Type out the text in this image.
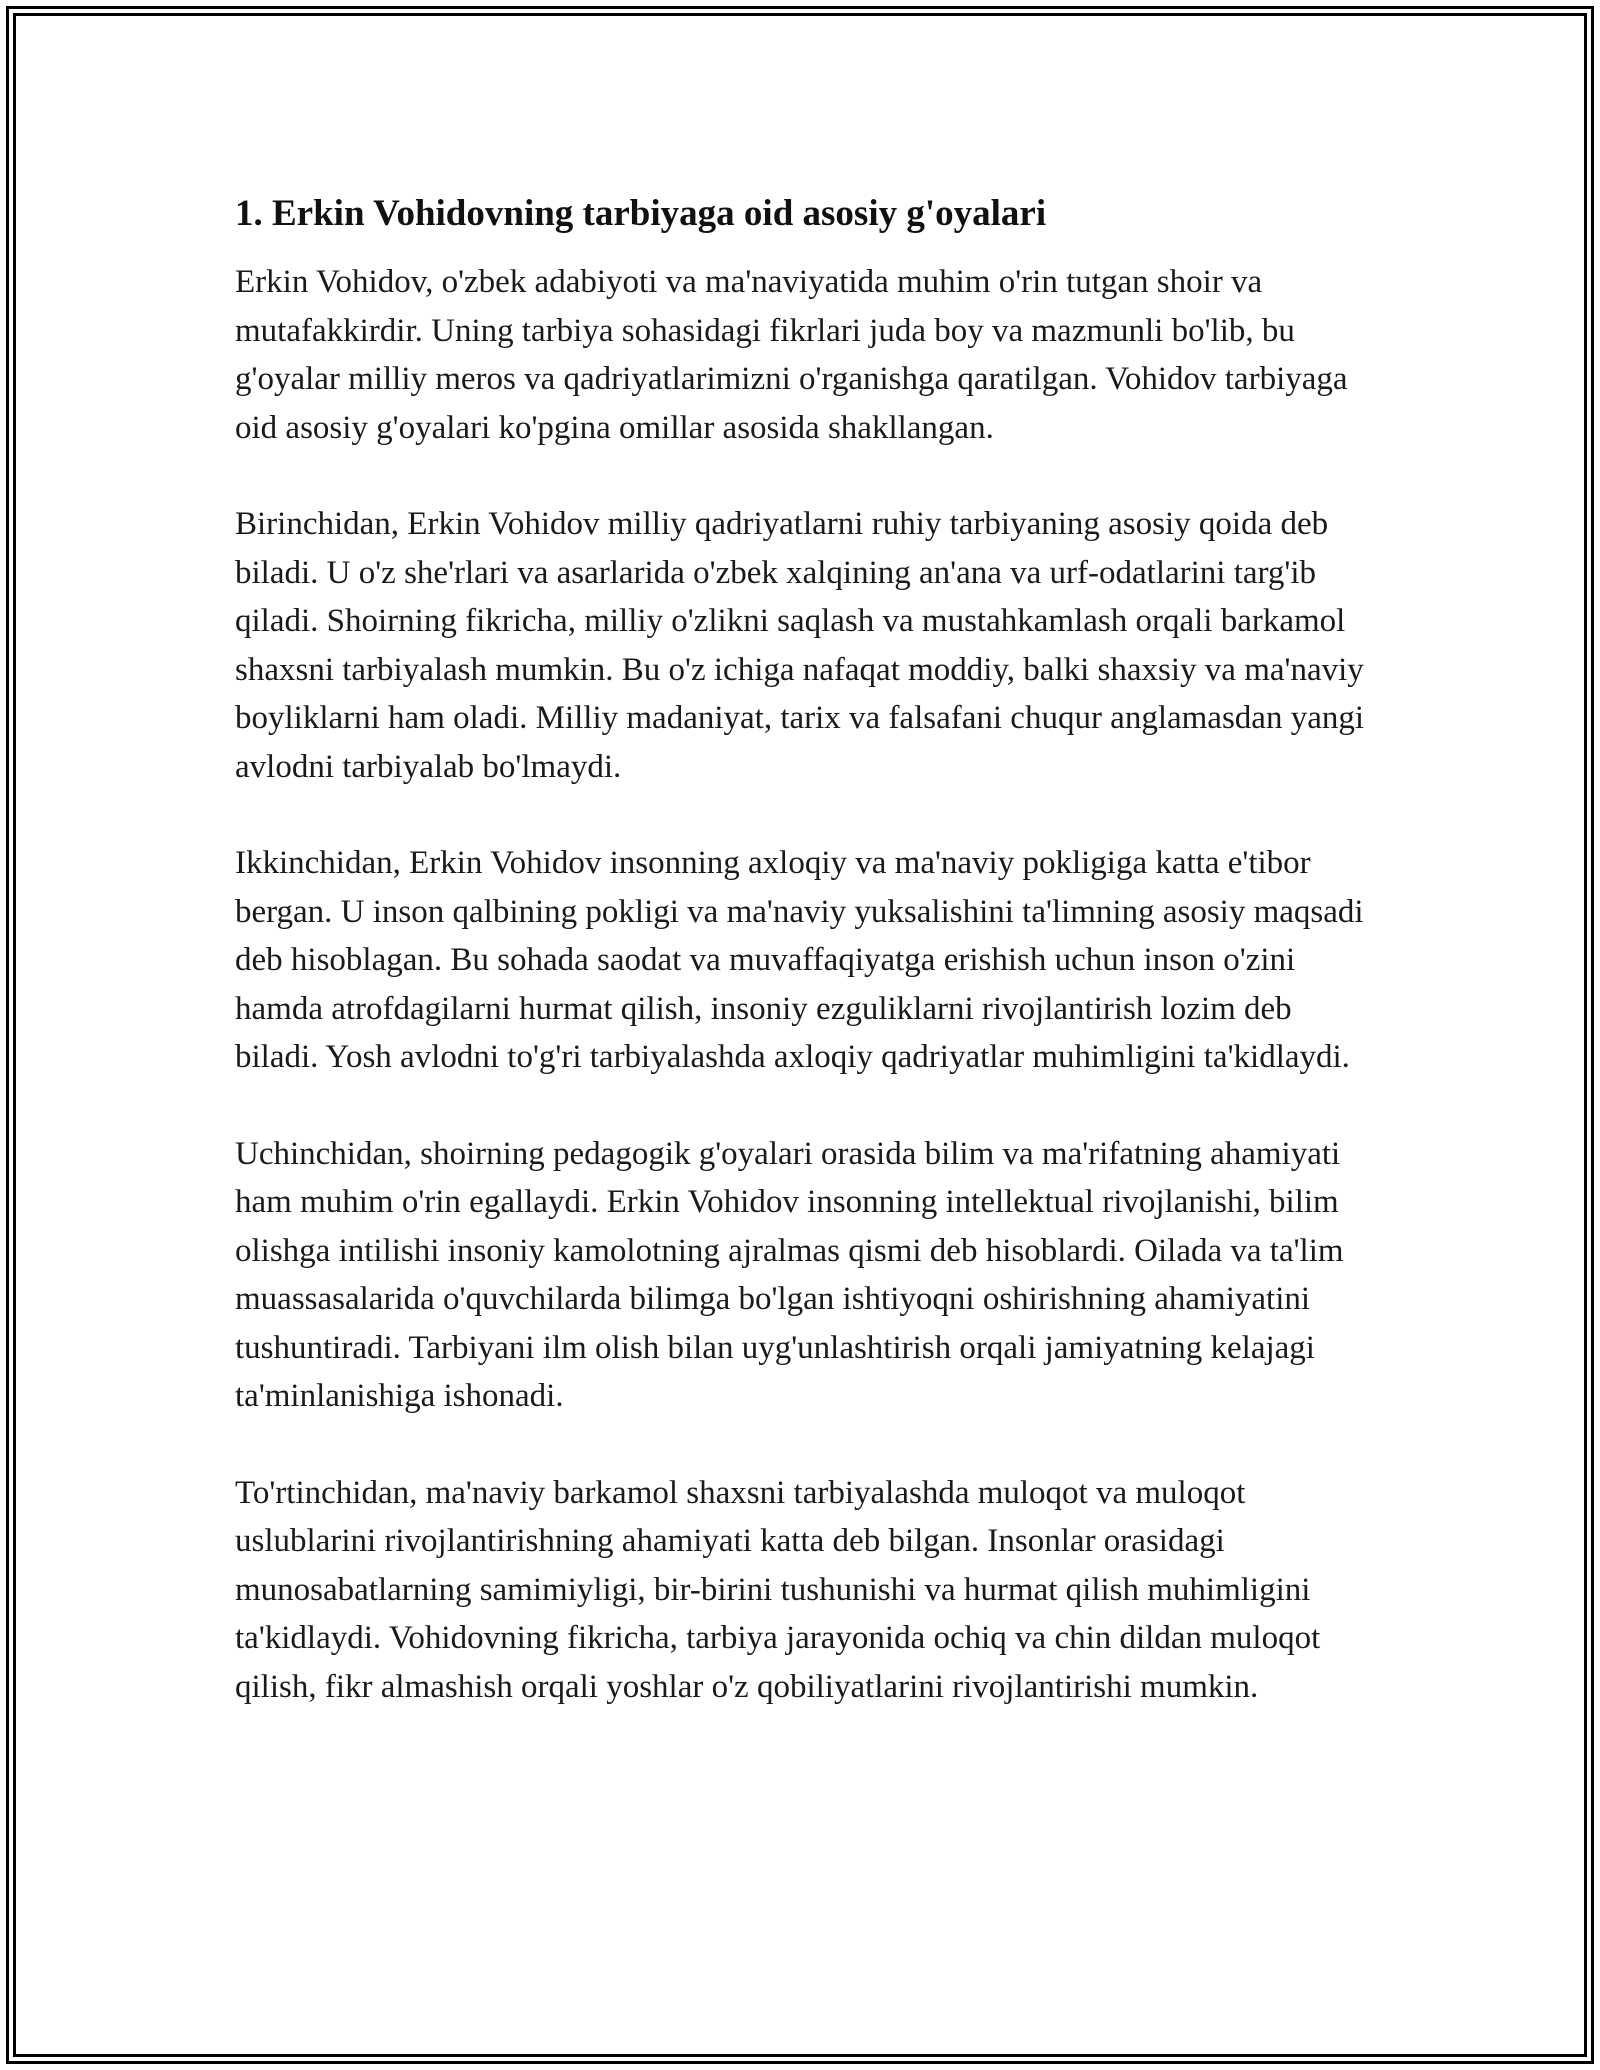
1. Erkin Vohidovning tarbiyaga oid asosiy g'oyalari

Erkin Vohidov, o'zbek adabiyoti va ma'naviyatida muhim o'rin tutgan shoir va mutafakkirdir. Uning tarbiya sohasidagi fikrlari juda boy va mazmunli bo'lib, bu g'oyalar milliy meros va qadriyatlarimizni o'rganishga qaratilgan. Vohidov tarbiyaga oid asosiy g'oyalari ko'pgina omillar asosida shakllangan.

Birinchidan, Erkin Vohidov milliy qadriyatlarni ruhiy tarbiyaning asosiy qoida deb biladi. U o'z she'rlari va asarlarida o'zbek xalqining an'ana va urf-odatlarini targ'ib qiladi. Shoirning fikricha, milliy o'zlikni saqlash va mustahkamlash orqali barkamol shaxsni tarbiyalash mumkin. Bu o'z ichiga nafaqat moddiy, balki shaxsiy va ma'naviy boyliklarni ham oladi. Milliy madaniyat, tarix va falsafani chuqur anglamasdan yangi avlodni tarbiyalab bo'lmaydi.

Ikkinchidan, Erkin Vohidov insonning axloqiy va ma'naviy pokligiga katta e'tibor bergan. U inson qalbining pokligi va ma'naviy yuksalishini ta'limning asosiy maqsadi deb hisoblagan. Bu sohada saodat va muvaffaqiyatga erishish uchun inson o'zini hamda atrofdagilarni hurmat qilish, insoniy ezguliklarni rivojlantirish lozim deb biladi. Yosh avlodni to'g'ri tarbiyalashda axloqiy qadriyatlar muhimligini ta'kidlaydi.

Uchinchidan, shoirning pedagogik g'oyalari orasida bilim va ma'rifatning ahamiyati ham muhim o'rin egallaydi. Erkin Vohidov insonning intellektual rivojlanishi, bilim olishga intilishi insoniy kamolotning ajralmas qismi deb hisoblardi. Oilada va ta'lim muassasalarida o'quvchilarda bilimga bo'lgan ishtiyoqni oshirishning ahamiyatini tushuntiradi. Tarbiyani ilm olish bilan uyg'unlashtirish orqali jamiyatning kelajagi ta'minlanishiga ishonadi.

To'rtinchidan, ma'naviy barkamol shaxsni tarbiyalashda muloqot va muloqot uslublarini rivojlantirishning ahamiyati katta deb bilgan. Insonlar orasidagi munosabatlarning samimiyligi, bir-birini tushunishi va hurmat qilish muhimligini ta'kidlaydi. Vohidovning fikricha, tarbiya jarayonida ochiq va chin dildan muloqot qilish, fikr almashish orqali yoshlar o'z qobiliyatlarini rivojlantirishi mumkin.
